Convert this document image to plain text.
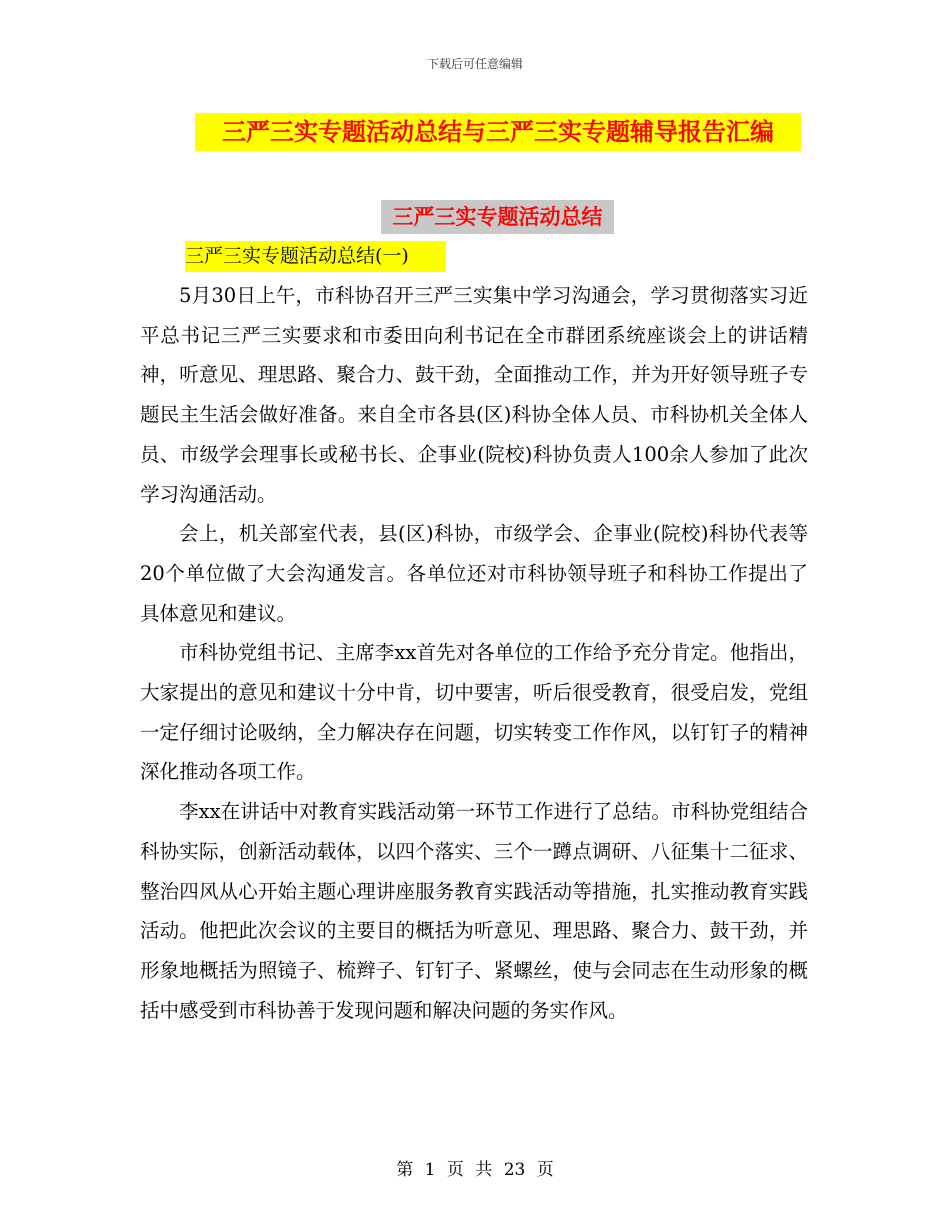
下载后可任意编辑
三严三实专题活动总结与三严三实专题辅导报告汇编
三严三实专题活动总结
三严三实专题活动总结(一)

5月30日上午，市科协召开三严三实集中学习沟通会，学习贯彻落实习近平总书记三严三实要求和市委田向利书记在全市群团系统座谈会上的讲话精神，听意见、理思路、聚合力、鼓干劲，全面推动工作，并为开好领导班子专题民主生活会做好准备。来自全市各县(区)科协全体人员、市科协机关全体人员、市级学会理事长或秘书长、企事业(院校)科协负责人100余人参加了此次学习沟通活动。

会上，机关部室代表，县(区)科协，市级学会、企事业(院校)科协代表等20个单位做了大会沟通发言。各单位还对市科协领导班子和科协工作提出了具体意见和建议。

市科协党组书记、主席李xx首先对各单位的工作给予充分肯定。他指出，大家提出的意见和建议十分中肯，切中要害，听后很受教育，很受启发，党组一定仔细讨论吸纳，全力解决存在问题，切实转变工作作风，以钉钉子的精神深化推动各项工作。

李xx在讲话中对教育实践活动第一环节工作进行了总结。市科协党组结合科协实际，创新活动载体，以四个落实、三个一蹲点调研、八征集十二征求、整治四风从心开始主题心理讲座服务教育实践活动等措施，扎实推动教育实践活动。他把此次会议的主要目的概括为听意见、理思路、聚合力、鼓干劲，并形象地概括为照镜子、梳辫子、钉钉子、紧螺丝，使与会同志在生动形象的概括中感受到市科协善于发现问题和解决问题的务实作风。

第 1 页 共 23 页
